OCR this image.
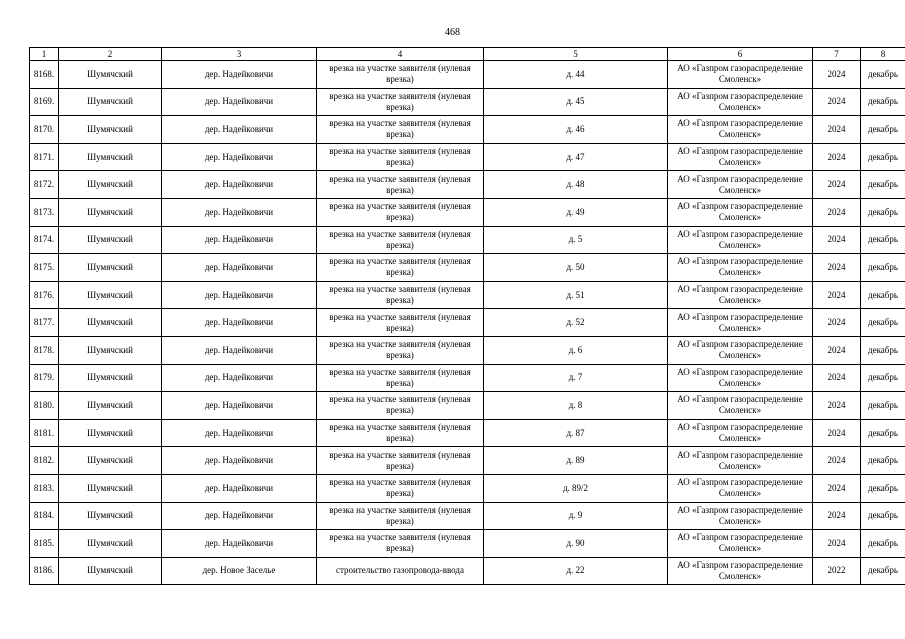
468
1	2	3	4	5	6	7	8
8168.	Шумячский	дер. Надейковичи	врезка на участке заявителя (нулевая врезка)	д. 44	АО «Газпром газораспределение Смоленск»	2024	декабрь
8169.	Шумячский	дер. Надейковичи	врезка на участке заявителя (нулевая врезка)	д. 45	АО «Газпром газораспределение Смоленск»	2024	декабрь
8170.	Шумячский	дер. Надейковичи	врезка на участке заявителя (нулевая врезка)	д. 46	АО «Газпром газораспределение Смоленск»	2024	декабрь
8171.	Шумячский	дер. Надейковичи	врезка на участке заявителя (нулевая врезка)	д. 47	АО «Газпром газораспределение Смоленск»	2024	декабрь
8172.	Шумячский	дер. Надейковичи	врезка на участке заявителя (нулевая врезка)	д. 48	АО «Газпром газораспределение Смоленск»	2024	декабрь
8173.	Шумячский	дер. Надейковичи	врезка на участке заявителя (нулевая врезка)	д. 49	АО «Газпром газораспределение Смоленск»	2024	декабрь
8174.	Шумячский	дер. Надейковичи	врезка на участке заявителя (нулевая врезка)	д. 5	АО «Газпром газораспределение Смоленск»	2024	декабрь
8175.	Шумячский	дер. Надейковичи	врезка на участке заявителя (нулевая врезка)	д. 50	АО «Газпром газораспределение Смоленск»	2024	декабрь
8176.	Шумячский	дер. Надейковичи	врезка на участке заявителя (нулевая врезка)	д. 51	АО «Газпром газораспределение Смоленск»	2024	декабрь
8177.	Шумячский	дер. Надейковичи	врезка на участке заявителя (нулевая врезка)	д. 52	АО «Газпром газораспределение Смоленск»	2024	декабрь
8178.	Шумячский	дер. Надейковичи	врезка на участке заявителя (нулевая врезка)	д. 6	АО «Газпром газораспределение Смоленск»	2024	декабрь
8179.	Шумячский	дер. Надейковичи	врезка на участке заявителя (нулевая врезка)	д. 7	АО «Газпром газораспределение Смоленск»	2024	декабрь
8180.	Шумячский	дер. Надейковичи	врезка на участке заявителя (нулевая врезка)	д. 8	АО «Газпром газораспределение Смоленск»	2024	декабрь
8181.	Шумячский	дер. Надейковичи	врезка на участке заявителя (нулевая врезка)	д. 87	АО «Газпром газораспределение Смоленск»	2024	декабрь
8182.	Шумячский	дер. Надейковичи	врезка на участке заявителя (нулевая врезка)	д. 89	АО «Газпром газораспределение Смоленск»	2024	декабрь
8183.	Шумячский	дер. Надейковичи	врезка на участке заявителя (нулевая врезка)	д. 89/2	АО «Газпром газораспределение Смоленск»	2024	декабрь
8184.	Шумячский	дер. Надейковичи	врезка на участке заявителя (нулевая врезка)	д. 9	АО «Газпром газораспределение Смоленск»	2024	декабрь
8185.	Шумячский	дер. Надейковичи	врезка на участке заявителя (нулевая врезка)	д. 90	АО «Газпром газораспределение Смоленск»	2024	декабрь
8186.	Шумячский	дер. Новое Заселье	строительство газопровода-ввода	д. 22	АО «Газпром газораспределение Смоленск»	2022	декабрь
